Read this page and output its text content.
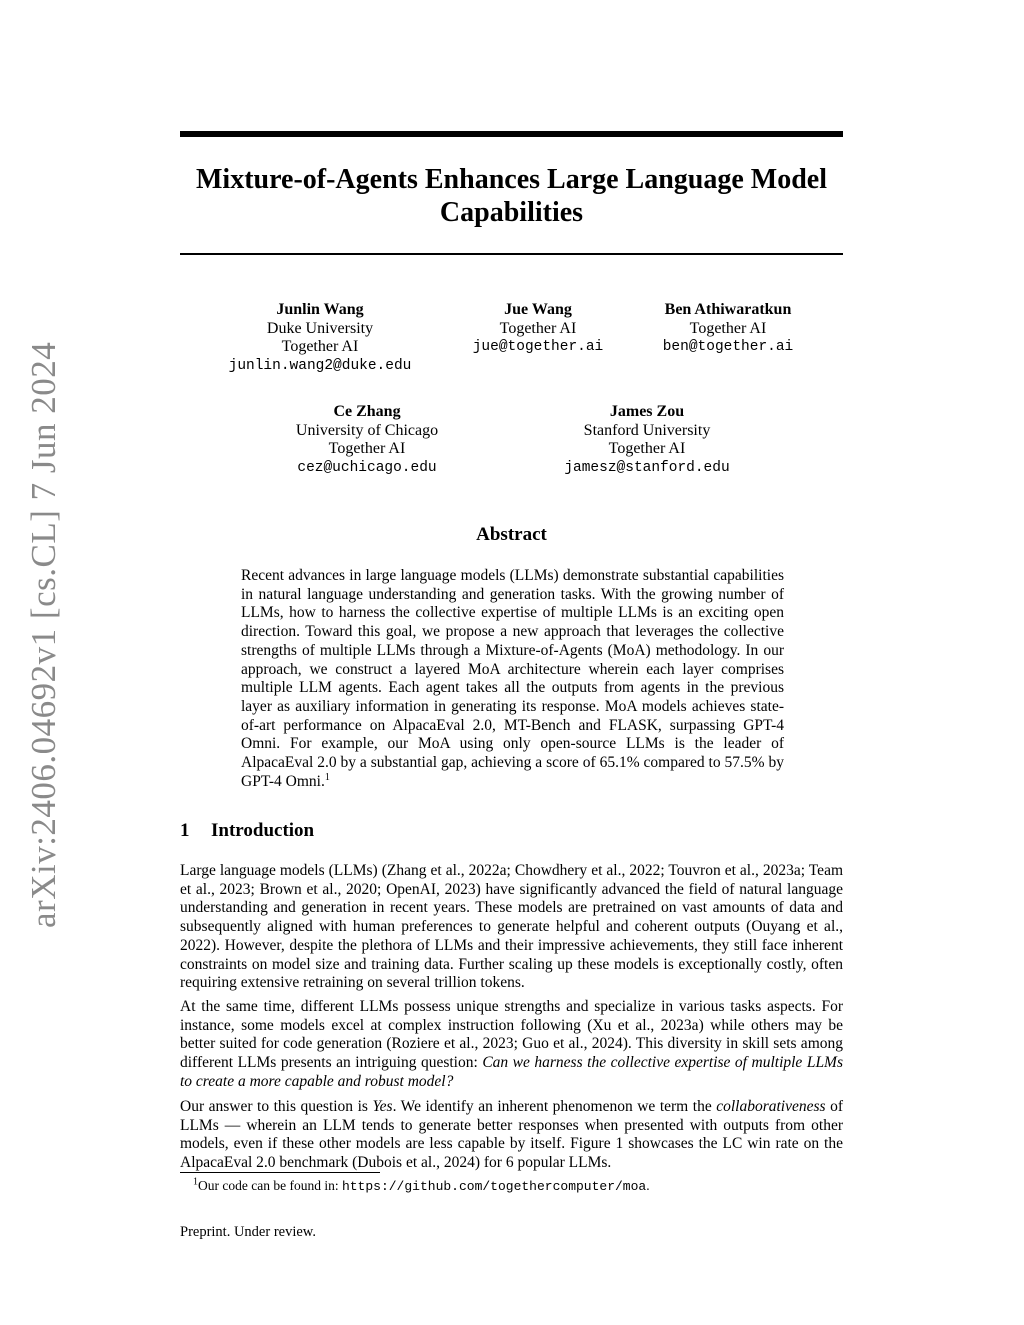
arXiv:2406.04692v1 [cs.CL] 7 Jun 2024
Mixture-of-Agents Enhances Large Language Model Capabilities
Junlin Wang
Duke University
Together AI
junlin.wang2@duke.edu
Jue Wang
Together AI
jue@together.ai
Ben Athiwaratkun
Together AI
ben@together.ai
Ce Zhang
University of Chicago
Together AI
cez@uchicago.edu
James Zou
Stanford University
Together AI
jamesz@stanford.edu
Abstract
Recent advances in large language models (LLMs) demonstrate substantial capabilities in natural language understanding and generation tasks. With the growing number of LLMs, how to harness the collective expertise of multiple LLMs is an exciting open direction. Toward this goal, we propose a new approach that leverages the collective strengths of multiple LLMs through a Mixture-of-Agents (MoA) methodology. In our approach, we construct a layered MoA architecture wherein each layer comprises multiple LLM agents. Each agent takes all the outputs from agents in the previous layer as auxiliary information in generating its response. MoA models achieves state-of-art performance on AlpacaEval 2.0, MT-Bench and FLASK, surpassing GPT-4 Omni. For example, our MoA using only open-source LLMs is the leader of AlpacaEval 2.0 by a substantial gap, achieving a score of 65.1% compared to 57.5% by GPT-4 Omni.$^1$
1 Introduction
Large language models (LLMs) (Zhang et al., 2022a; Chowdhery et al., 2022; Touvron et al., 2023a; Team et al., 2023; Brown et al., 2020; OpenAI, 2023) have significantly advanced the field of natural language understanding and generation in recent years. These models are pretrained on vast amounts of data and subsequently aligned with human preferences to generate helpful and coherent outputs (Ouyang et al., 2022). However, despite the plethora of LLMs and their impressive achievements, they still face inherent constraints on model size and training data. Further scaling up these models is exceptionally costly, often requiring extensive retraining on several trillion tokens.
At the same time, different LLMs possess unique strengths and specialize in various tasks aspects. For instance, some models excel at complex instruction following (Xu et al., 2023a) while others may be better suited for code generation (Roziere et al., 2023; Guo et al., 2024). This diversity in skill sets among different LLMs presents an intriguing question: Can we harness the collective expertise of multiple LLMs to create a more capable and robust model?
Our answer to this question is Yes. We identify an inherent phenomenon we term the collaborativeness of LLMs — wherein an LLM tends to generate better responses when presented with outputs from other models, even if these other models are less capable by itself. Figure 1 showcases the LC win rate on the AlpacaEval 2.0 benchmark (Dubois et al., 2024) for 6 popular LLMs.
$^1$Our code can be found in: https://github.com/togethercomputer/moa.
Preprint. Under review.
